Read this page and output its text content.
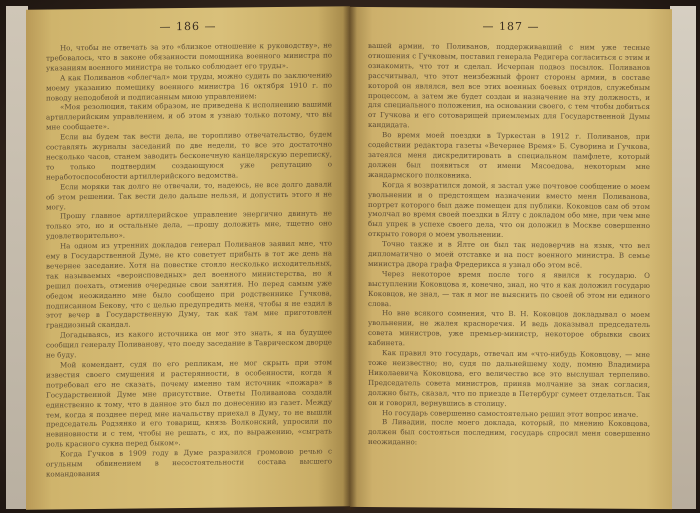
— 186 —

Но, чтобы не отвечать за это «близкое отношение к руководству», не требовалось, что в законе обязанности помощника военного министра по указаниям военного министра не только соблюдает его труды».

А как Поливанов «облегчал» мои труды, можно судить по заключению моему указанию помещику военного министра 16 октября 1910 г. по поводу неподобной и подписанным мною управлением:

«Моя резолюция, таким образом, не приведена к исполнению вашими артиллерийским управлением, и об этом я узнаю только потому, что вы мне сообщаете».

Если вы будем так вести дела, не торопливо отвечательство, будем составлять журналы заседаний по две недели, то все это достаточно несколько часов, станем заводить бесконечную канцелярскую переписку, то только подтвердим создающуюся уже репутацию о неработоспособности артиллерийского ведомства.

Если моряки так долго не отвечали, то, надеюсь, не все долго давали об этом решении. Так вести дело дальше нельзя, и допустить этого я не могу.

Прошу главное артиллерийское управление энергично двинуть не только это, но и остальные дела, —прошу доложить мне, тщетно оно удовлетворительно».

На одном из утренних докладов генерал Поливанов заявил мне, что ему в Государственной Думе, не кто советует прибыть в тот же день на вечернее заседание. Хотя на повестке стояло несколько исходительных, так называемых «вероисповедных» дел военного министерства, но я решил поехать, отменив очередные свои занятия. Но перед самым уже обедом неожиданно мне было сообщено при родственнике Гучкова, подписанном Бекову, что с целью предупредить меня, чтобы я не ездил в этот вечер в Государственную Думу, так как там мне приготовлен грандиозный скандал.

Догадываясь, из какого источника он мог это знать, я на будущее сообщил генералу Поливанову, что поеду заседание в Таврическом дворце не буду.

Мой комендант, судя по его репликам, не мог скрыть при этом известия своего смущения и растерянности, в особенности, когда я потребовал его не сказать, почему именно там источник «пожара» в Государственной Думе мне присутствие. Ответы Поливанова создали единственно к тому, что в данное это был по донесению из газет. Между тем, когда я позднее перед мне начальству приехал в Думу, то не вышли председатель Родзянко и его товарищ, князь Волконский, упросили по невиновности и с тем, чтобы не решать, с их, по выражению, «сыграть роль красного сукна перед быком».

Когда Гучков в 1909 году в Думе разразился громовою речью с огульным обвинением в несостоятельности состава высшего командования

— 187 —

вашей армии, то Поливанов, поддерживавший с ним уже тесные отношения с Гучковым, поставил генерала Редигера согласиться с этим и ознакомить, что тот и сделал. Исчерпан подвоз посылок. Поливанов рассчитывал, что этот неизбежный фронт стороны армии, в составе которой он являлся, вел все этих военных боевых отрядов, служебным процессом, а затем же будет создан и назначение на эту должность, и для специального положения, на основании своего, с тем чтобы добиться от Гучкова и его сотоварищей приемлемых для Государственной Думы кандидата.

Во время моей поездки в Туркестан в 1912 г. Поливанов, при содействии редактора газеты «Вечернее Время» Б. Суворина и Гучкова, затеялся меня дискредитировать в специальном памфлете, который должен был появиться от имени Мясоедова, некоторым мне жандармского полковника.

Когда я возвратился домой, я застал уже почтовое сообщение о моем увольнении и о предстоящем назначении вместо меня Поливанова, портрет которого был даже помещен для публики. Коковцов сам об этом умолчал во время своей поездки в Ялту с докладом обо мне, при чем мне был упрек в успехе своего дела, что он доложил в Москве совершенно открыто говоря о моем увольнении.

Точно также и в Ялте он был так недоверчив на язык, что вел дипломатично о моей отставке и на пост военного министра. В семье министра двора графа Фредерикса я узнал обо этом всё.

Через некоторое время после того я явился к государю. О выступлении Коковцова я, конечно, знал, но что я как доложил государю Коковцов, не знал, — так я мог не выяснить по своей об этом ни единого слова.

Но вне всякого сомнения, что В. Н. Коковцов докладывал о моем увольнении, не жалея красноречия. И ведь доказывал председатель совета министров, уже премьер-министр, некоторое обрывки своих кабинета.

Как правил это государь, отвечал им «что-нибудь Коковцову, — мне тоже неизвестно; но, судя по дальнейшему ходу, помню Владимира Николаевича Коковцова, его величество все это выслушал терпеливо. Председатель совета министров, приняв молчание за знак согласия, должно быть, сказал, что по приезде в Петербург сумеет отделаться. Так он и говорил, вернувшись в столицу.

Но государь совершенно самостоятельно решил этот вопрос иначе.

В Ливадии, после моего доклада, который, по мнению Коковцова, должен был состояться последним, государь спросил меня совершенно неожиданно:
